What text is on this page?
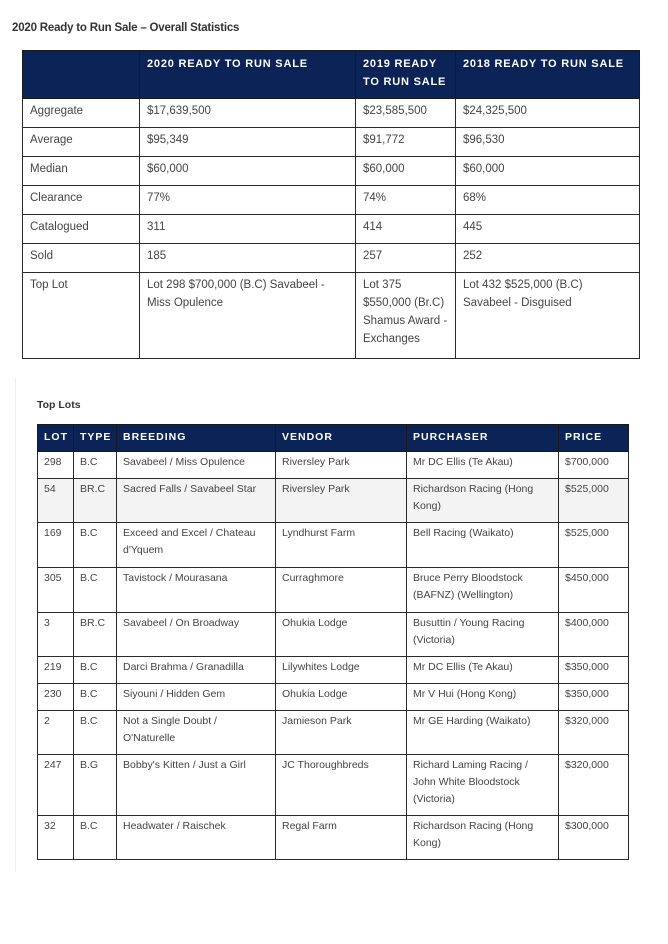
2020 Ready to Run Sale – Overall Statistics
	2020 READY TO RUN SALE	2019 READY TO RUN SALE	2018 READY TO RUN SALE
Aggregate	$17,639,500	$23,585,500	$24,325,500
Average	$95,349	$91,772	$96,530
Median	$60,000	$60,000	$60,000
Clearance	77%	74%	68%
Catalogued	311	414	445
Sold	185	257	252
Top Lot	Lot 298 $700,000 (B.C) Savabeel - Miss Opulence	Lot 375 $550,000 (Br.C) Shamus Award - Exchanges	Lot 432 $525,000 (B.C) Savabeel - Disguised
Top Lots
LOT	TYPE	BREEDING	VENDOR	PURCHASER	PRICE
298	B.C	Savabeel / Miss Opulence	Riversley Park	Mr DC Ellis (Te Akau)	$700,000
54	BR.C	Sacred Falls / Savabeel Star	Riversley Park	Richardson Racing (Hong Kong)	$525,000
169	B.C	Exceed and Excel / Chateau d'Yquem	Lyndhurst Farm	Bell Racing (Waikato)	$525,000
305	B.C	Tavistock / Mourasana	Curraghmore	Bruce Perry Bloodstock (BAFNZ) (Wellington)	$450,000
3	BR.C	Savabeel / On Broadway	Ohukia Lodge	Busuttin / Young Racing (Victoria)	$400,000
219	B.C	Darci Brahma / Granadilla	Lilywhites Lodge	Mr DC Ellis (Te Akau)	$350,000
230	B.C	Siyouni / Hidden Gem	Ohukia Lodge	Mr V Hui (Hong Kong)	$350,000
2	B.C	Not a Single Doubt / O'Naturelle	Jamieson Park	Mr GE Harding (Waikato)	$320,000
247	B.G	Bobby's Kitten / Just a Girl	JC Thoroughbreds	Richard Laming Racing / John White Bloodstock (Victoria)	$320,000
32	B.C	Headwater / Raischek	Regal Farm	Richardson Racing (Hong Kong)	$300,000
